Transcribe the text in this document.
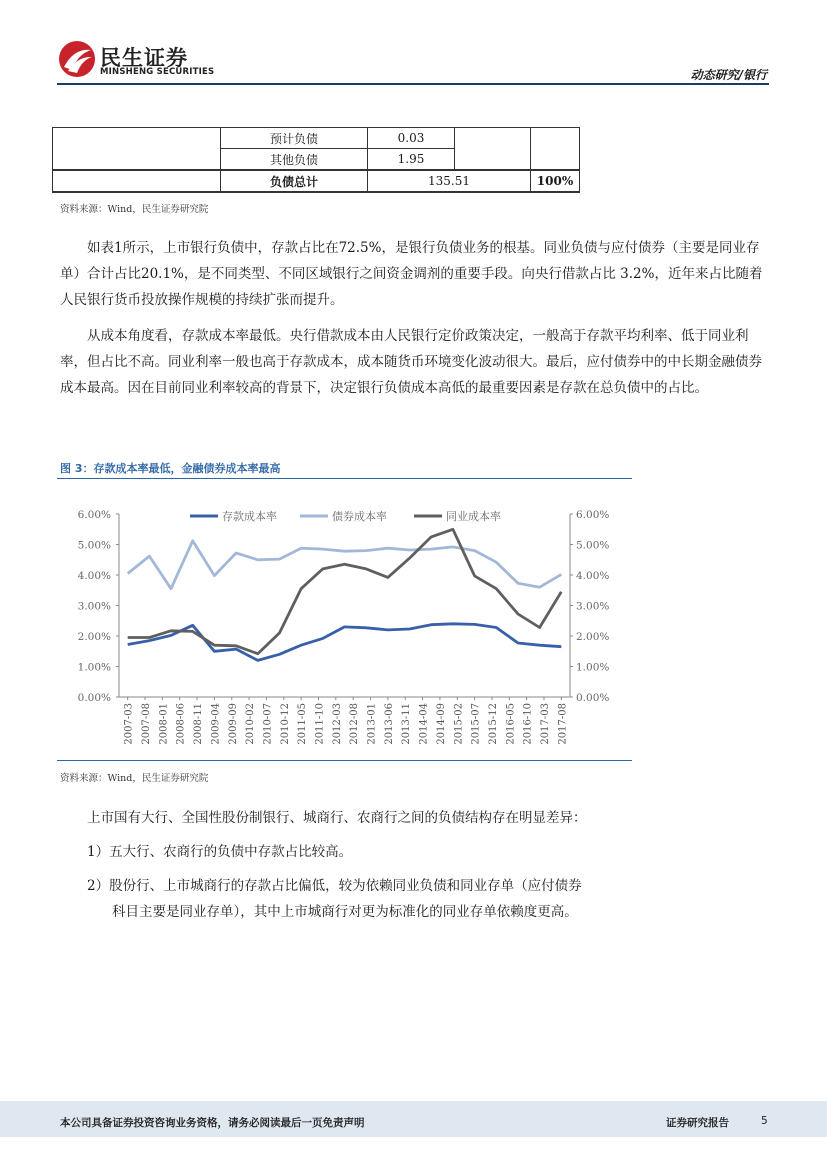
民生证券
MINSHENG SECURITIES	动态研究/银行
	预计负债	0.03		
	其他负债	1.95		
	负债总计	135.51		100%
资料来源：Wind，民生证券研究院

如表1所示，上市银行负债中，存款占比在72.5%，是银行负债业务的根基。同业负债与应付债券（主要是同业存单）合计占比20.1%，是不同类型、不同区域银行之间资金调剂的重要手段。向央行借款占比 3.2%，近年来占比随着人民银行货币投放操作规模的持续扩张而提升。

从成本角度看，存款成本率最低。央行借款成本由人民银行定价政策决定，一般高于存款平均利率、低于同业利率，但占比不高。同业利率一般也高于存款成本，成本随货币环境变化波动很大。最后，应付债券中的中长期金融债券成本最高。因在目前同业利率较高的背景下，决定银行负债成本高低的最重要因素是存款在总负债中的占比。

图 3：存款成本率最低，金融债券成本率最高
0.00%
1.00%
2.00%
3.00%
4.00%
5.00%
6.00%
0.00%
1.00%
2.00%
3.00%
4.00%
5.00%
6.00%
2007-03 2007-08 2008-01 2008-06 2008-11 2009-04 2009-09 2010-02 2010-07 2010-12 2011-05 2011-10 2012-03 2012-08 2013-01 2013-06 2013-11 2014-04 2014-09 2015-02 2015-07 2015-12 2016-05 2016-10 2017-03 2017-08
存款成本率	债券成本率	同业成本率
资料来源：Wind，民生证券研究院
上市国有大行、全国性股份制银行、城商行、农商行之间的负债结构存在明显差异：
1）五大行、农商行的负债中存款占比较高。
2）股份行、上市城商行的存款占比偏低，较为依赖同业负债和同业存单（应付债券
科目主要是同业存单），其中上市城商行对更为标准化的同业存单依赖度更高。
本公司具备证券投资咨询业务资格，请务必阅读最后一页免责声明	证券研究报告	5
